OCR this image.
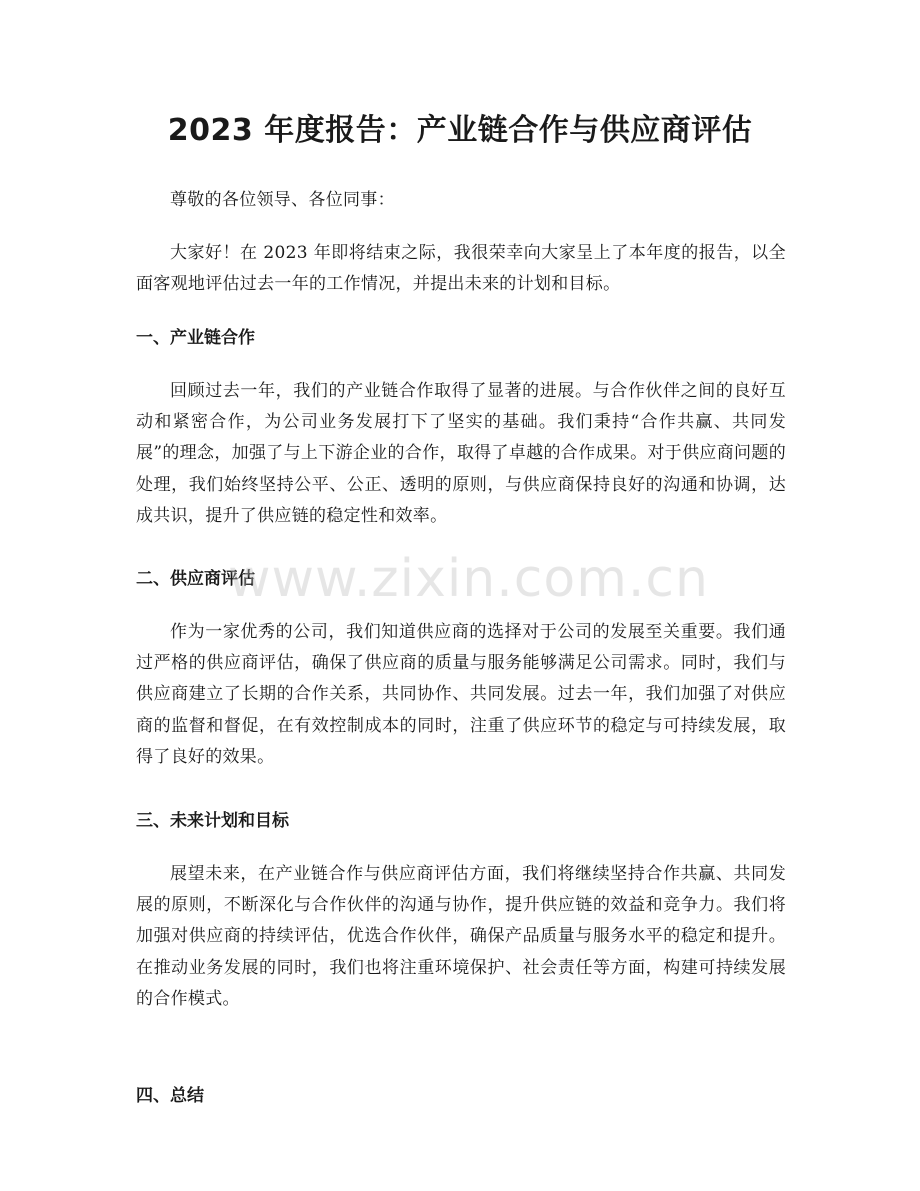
2023 年度报告：产业链合作与供应商评估

尊敬的各位领导、各位同事：

大家好！在 2023 年即将结束之际，我很荣幸向大家呈上了本年度的报告，以全面客观地评估过去一年的工作情况，并提出未来的计划和目标。

一、产业链合作

回顾过去一年，我们的产业链合作取得了显著的进展。与合作伙伴之间的良好互动和紧密合作，为公司业务发展打下了坚实的基础。我们秉持“合作共赢、共同发展”的理念，加强了与上下游企业的合作，取得了卓越的合作成果。对于供应商问题的处理，我们始终坚持公平、公正、透明的原则，与供应商保持良好的沟通和协调，达成共识，提升了供应链的稳定性和效率。

二、供应商评估

作为一家优秀的公司，我们知道供应商的选择对于公司的发展至关重要。我们通过严格的供应商评估，确保了供应商的质量与服务能够满足公司需求。同时，我们与供应商建立了长期的合作关系，共同协作、共同发展。过去一年，我们加强了对供应商的监督和督促，在有效控制成本的同时，注重了供应环节的稳定与可持续发展，取得了良好的效果。

三、未来计划和目标

展望未来，在产业链合作与供应商评估方面，我们将继续坚持合作共赢、共同发展的原则，不断深化与合作伙伴的沟通与协作，提升供应链的效益和竞争力。我们将加强对供应商的持续评估，优选合作伙伴，确保产品质量与服务水平的稳定和提升。在推动业务发展的同时，我们也将注重环境保护、社会责任等方面，构建可持续发展的合作模式。

四、总结
www.zixin.com.cn
